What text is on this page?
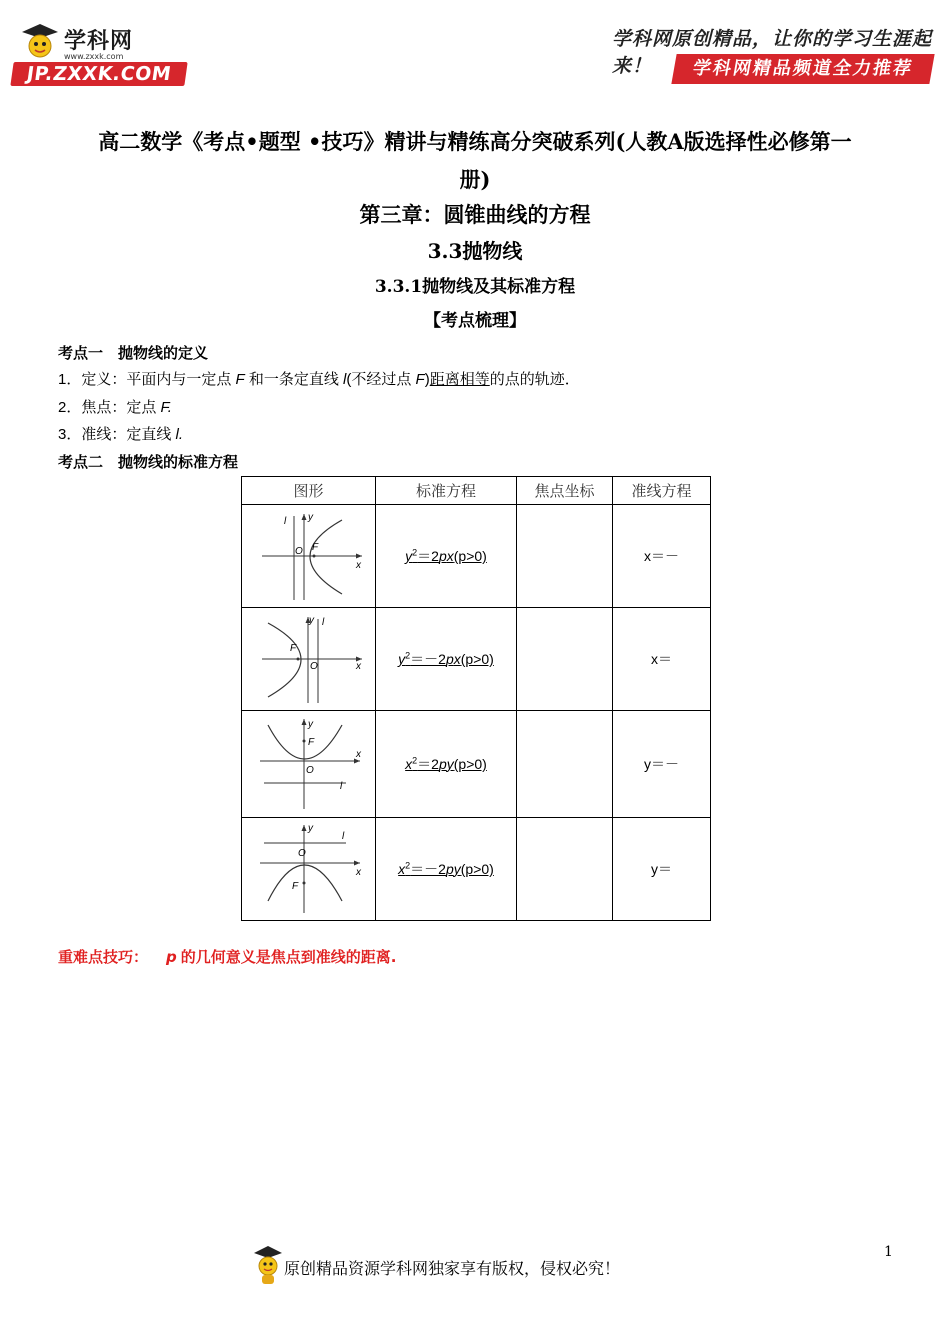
学科网
www.zxxk.com
JP.ZXXK.COM
学科网原创精品，让你的学习生涯起来！	学科网精品频道全力推荐
高二数学《考点•题型 •技巧》精讲与精练高分突破系列(人教A版选择性必修第一
册)
第三章：圆锥曲线的方程
3.3抛物线
3.3.1抛物线及其标准方程
【考点梳理】
考点一　抛物线的定义
1．定义：平面内与一定点 F 和一条定直线 l(不经过点 F)距离相等的点的轨迹．
2．焦点：定点 F.
3．准线：定直线 l.
考点二　抛物线的标准方程
图形	标准方程	焦点坐标	准线方程

l y
O F
x	$y^2=2px(p>0)$		x＝－

l
y
O
F
x	$y^2=-2px(p>0)$		x＝

l
y
O
F
x	$x^2=2py(p>0)$		y＝－

l
y
O
F
x	$x^2=-2py(p>0)$		y＝
重难点技巧： p 的几何意义是焦点到准线的距离.
1
原创精品资源学科网独家享有版权，侵权必究！
